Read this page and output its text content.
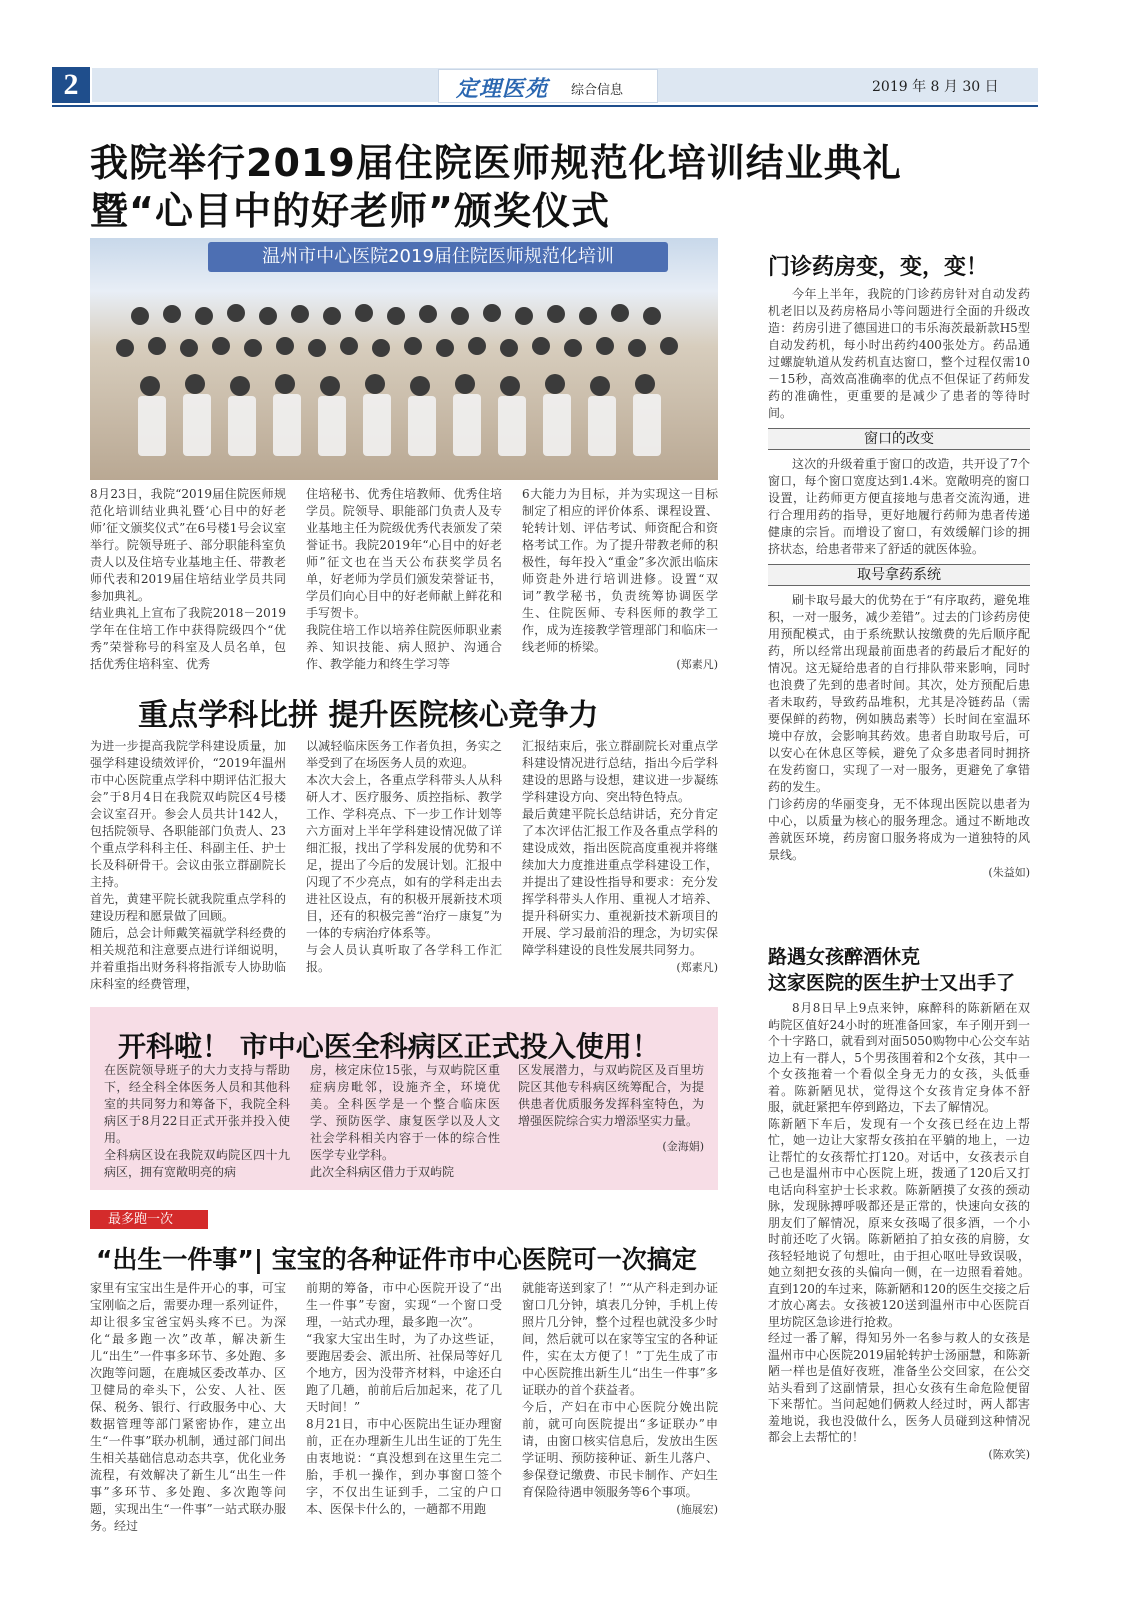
2	定理医苑 综合信息	2019 年 8 月 30 日
我院举行2019届住院医师规范化培训结业典礼
暨“心目中的好老师”颁奖仪式
温州市中心医院2019届住院医师规范化培训

8月23日，我院“2019届住院医师规范化培训结业典礼暨‘心目中的好老师’征文颁奖仪式”在6号楼1号会议室举行。院领导班子、部分职能科室负责人以及住培专业基地主任、带教老师代表和2019届住培结业学员共同参加典礼。
结业典礼上宣布了我院2018－2019学年在住培工作中获得院级四个“优秀”荣誉称号的科室及人员名单，包括优秀住培科室、优秀

住培秘书、优秀住培教师、优秀住培学员。院领导、职能部门负责人及专业基地主任为院级优秀代表颁发了荣誉证书。我院2019年“心目中的好老师”征文也在当天公布获奖学员名单，好老师为学员们颁发荣誉证书，学员们向心目中的好老师献上鲜花和手写贺卡。
我院住培工作以培养住院医师职业素养、知识技能、病人照护、沟通合作、教学能力和终生学习等

6大能力为目标，并为实现这一目标制定了相应的评价体系、课程设置、轮转计划、评估考试、师资配合和资格考试工作。为了提升带教老师的积极性，每年投入“重金”多次派出临床师资赴外进行培训进修。设置“双词”教学秘书，负责统筹协调医学生、住院医师、专科医师的教学工作，成为连接教学管理部门和临床一线老师的桥梁。

(郑素凡)
重点学科比拼 提升医院核心竞争力

为进一步提高我院学科建设质量，加强学科建设绩效评价，“2019年温州市中心医院重点学科中期评估汇报大会”于8月4日在我院双屿院区4号楼会议室召开。参会人员共计142人，包括院领导、各职能部门负责人、23个重点学科科主任、科副主任、护士长及科研骨干。会议由张立群副院长主持。
首先，黄建平院长就我院重点学科的建设历程和愿景做了回顾。
随后，总会计师戴笑福就学科经费的相关规范和注意要点进行详细说明，并着重指出财务科将指派专人协助临床科室的经费管理，

以减轻临床医务工作者负担，务实之举受到了在场医务人员的欢迎。
本次大会上，各重点学科带头人从科研人才、医疗服务、质控指标、教学工作、学科亮点、下一步工作计划等六方面对上半年学科建设情况做了详细汇报，找出了学科发展的优势和不足，提出了今后的发展计划。汇报中闪现了不少亮点，如有的学科走出去进社区设点，有的积极开展新技术项目，还有的积极完善“治疗－康复”为一体的专病治疗体系等。
与会人员认真听取了各学科工作汇报。

汇报结束后，张立群副院长对重点学科建设情况进行总结，指出今后学科建设的思路与设想，建议进一步凝练学科建设方向、突出特色特点。
最后黄建平院长总结讲话，充分肯定了本次评估汇报工作及各重点学科的建设成效，指出医院高度重视并将继续加大力度推进重点学科建设工作，并提出了建设性指导和要求：充分发挥学科带头人作用、重视人才培养、提升科研实力、重视新技术新项目的开展、学习最前沿的理念，为切实保障学科建设的良性发展共同努力。

(郑素凡)
开科啦！ 市中心医全科病区正式投入使用！

在医院领导班子的大力支持与帮助下，经全科全体医务人员和其他科室的共同努力和筹备下，我院全科病区于8月22日正式开张并投入使用。
全科病区设在我院双屿院区四十九病区，拥有宽敞明亮的病

房，核定床位15张，与双屿院区重症病房毗邻，设施齐全，环境优美。全科医学是一个整合临床医学、预防医学、康复医学以及人文社会学科相关内容于一体的综合性医学专业学科。
此次全科病区借力于双屿院

区发展潜力，与双屿院区及百里坊院区其他专科病区统筹配合，为提供患者优质服务发挥科室特色，为增强医院综合实力增添坚实力量。

(金海娟)
最多跑一次
“出生一件事”| 宝宝的各种证件市中心医院可一次搞定

家里有宝宝出生是件开心的事，可宝宝刚临之后，需要办理一系列证件，却让很多宝爸宝妈头疼不已。为深化“最多跑一次”改革，解决新生儿“出生”一件事多环节、多处跑、多次跑等问题，在鹿城区委改革办、区卫健局的牵头下，公安、人社、医保、税务、银行、行政服务中心、大数据管理等部门紧密协作，建立出生“一件事”联办机制，通过部门间出生相关基础信息动态共享，优化业务流程，有效解决了新生儿“出生一件事”多环节、多处跑、多次跑等问题，实现出生“一件事”一站式联办服务。经过

前期的筹备，市中心医院开设了“出生一件事”专窗，实现“一个窗口受理，一站式办理，最多跑一次”。
“我家大宝出生时，为了办这些证，要跑居委会、派出所、社保局等好几个地方，因为没带齐材料，中途还白跑了几趟，前前后后加起来，花了几天时间！”
8月21日，市中心医院出生证办理窗前，正在办理新生儿出生证的丁先生由衷地说：“真没想到在这里生完二胎，手机一操作，到办事窗口签个字，不仅出生证到手，二宝的户口本、医保卡什么的，一趟都不用跑

就能寄送到家了！”“从产科走到办证窗口几分钟，填表几分钟，手机上传照片几分钟，整个过程也就没多少时间，然后就可以在家等宝宝的各种证件，实在太方便了！”丁先生成了市中心医院推出新生儿“出生一件事”多证联办的首个获益者。
今后，产妇在市中心医院分娩出院前，就可向医院提出“多证联办”申请，由窗口核实信息后，发放出生医学证明、预防接种证、新生儿落户、参保登记缴费、市民卡制作、产妇生育保险待遇申领服务等6个事项。

(施展宏)
门诊药房变，变，变！

今年上半年，我院的门诊药房针对自动发药机老旧以及药房格局小等问题进行全面的升级改造：药房引进了德国进口的韦乐海茨最新款H5型自动发药机，每小时出药约400张处方。药品通过螺旋轨道从发药机直达窗口，整个过程仅需10－15秒，高效高准确率的优点不但保证了药师发药的准确性，更重要的是减少了患者的等待时间。

窗口的改变

这次的升级着重于窗口的改造，共开设了7个窗口，每个窗口宽度达到1.4米。宽敞明亮的窗口设置，让药师更方便直接地与患者交流沟通，进行合理用药的指导，更好地履行药师为患者传递健康的宗旨。而增设了窗口，有效缓解门诊的拥挤状态，给患者带来了舒适的就医体验。

取号拿药系统

刷卡取号最大的优势在于“有序取药，避免堆积，一对一服务，减少差错”。过去的门诊药房使用预配模式，由于系统默认按缴费的先后顺序配药，所以经常出现最前面患者的药最后才配好的情况。这无疑给患者的自行排队带来影响，同时也浪费了先到的患者时间。其次，处方预配后患者未取药，导致药品堆积，尤其是冷链药品（需要保鲜的药物，例如胰岛素等）长时间在室温环境中存放，会影响其药效。患者自助取号后，可以安心在休息区等候，避免了众多患者同时拥挤在发药窗口，实现了一对一服务，更避免了拿错药的发生。
门诊药房的华丽变身，无不体现出医院以患者为中心，以质量为核心的服务理念。通过不断地改善就医环境，药房窗口服务将成为一道独特的风景线。

(朱益如)
路遇女孩醉酒休克
这家医院的医生护士又出手了

8月8日早上9点来钟，麻醉科的陈新陋在双屿院区值好24小时的班准备回家，车子刚开到一个十字路口，就看到对面5050购物中心公交车站边上有一群人，5个男孩围着和2个女孩，其中一个女孩拖着一个看似全身无力的女孩，头低垂着。陈新陋见状，觉得这个女孩肯定身体不舒服，就赶紧把车停到路边，下去了解情况。
陈新陋下车后，发现有一个女孩已经在边上帮忙，她一边让大家帮女孩拍在平躺的地上，一边让帮忙的女孩帮忙打120。对话中，女孩表示自己也是温州市中心医院上班，拨通了120后又打电话向科室护士长求救。陈新陋摸了女孩的颈动脉，发现脉搏呼吸都还是正常的，快速向女孩的朋友们了解情况，原来女孩喝了很多酒，一个小时前还吃了火锅。陈新陋拍了拍女孩的肩膀，女孩轻轻地说了句想吐，由于担心呕吐导致误吸，她立刻把女孩的头偏向一侧，在一边照看着她。直到120的车过来，陈新陋和120的医生交接之后才放心离去。女孩被120送到温州市中心医院百里坊院区急诊进行抢救。
经过一番了解，得知另外一名参与救人的女孩是温州市中心医院2019届轮转护士汤丽慧，和陈新陋一样也是值好夜班，准备坐公交回家，在公交站头看到了这副情景，担心女孩有生命危险便留下来帮忙。当问起她们俩救人经过时，两人都害羞地说，我也没做什么，医务人员碰到这种情况都会上去帮忙的！

(陈欢笑)
